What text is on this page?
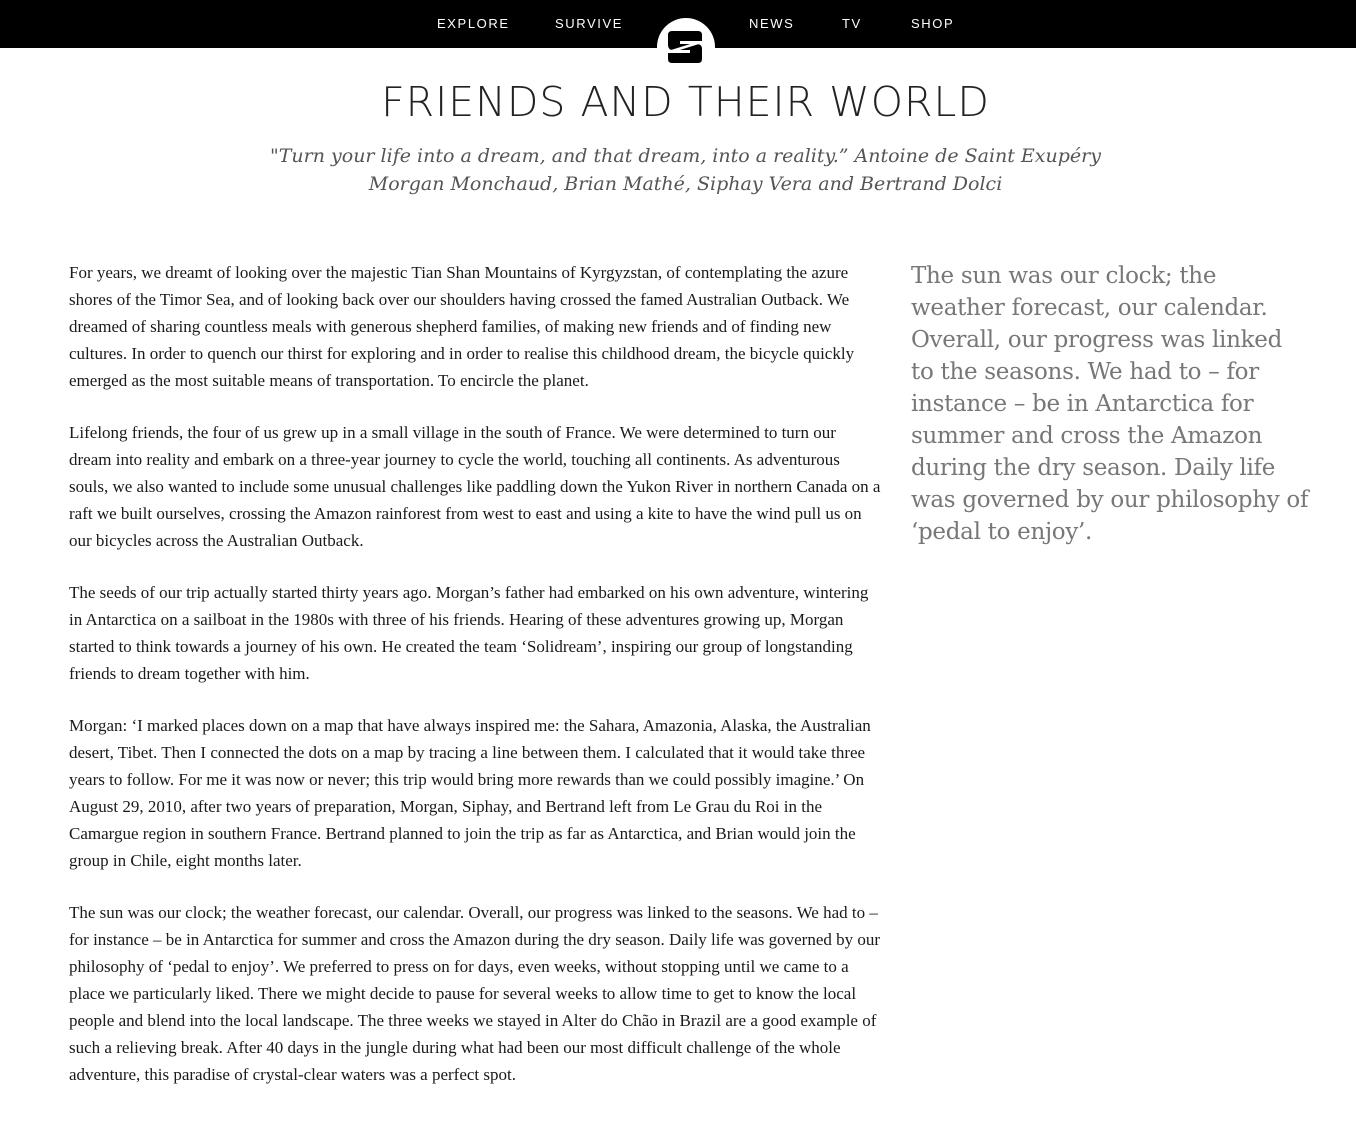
EXPLORE	SURVIVE	NEWS	TV	SHOP
FRIENDS AND THEIR WORLD
"Turn your life into a dream, and that dream, into a reality.” Antoine de Saint Exupéry
Morgan Monchaud, Brian Mathé, Siphay Vera and Bertrand Dolci

For years, we dreamt of looking over the majestic Tian Shan Mountains of Kyrgyzstan, of contemplating the azure shores of the Timor Sea, and of looking back over our shoulders having crossed the famed Australian Outback. We dreamed of sharing countless meals with generous shepherd families, of making new friends and of finding new cultures. In order to quench our thirst for exploring and in order to realise this childhood dream, the bicycle quickly emerged as the most suitable means of transportation. To encircle the planet.

Lifelong friends, the four of us grew up in a small village in the south of France. We were determined to turn our dream into reality and embark on a three-year journey to cycle the world, touching all continents. As adventurous souls, we also wanted to include some unusual challenges like paddling down the Yukon River in northern Canada on a raft we built ourselves, crossing the Amazon rainforest from west to east and using a kite to have the wind pull us on our bicycles across the Australian Outback.

The seeds of our trip actually started thirty years ago. Morgan’s father had embarked on his own adventure, wintering in Antarctica on a sailboat in the 1980s with three of his friends. Hearing of these adventures growing up, Morgan started to think towards a journey of his own. He created the team ‘Solidream’, inspiring our group of longstanding friends to dream together with him.

Morgan: ‘I marked places down on a map that have always inspired me: the Sahara, Amazonia, Alaska, the Australian desert, Tibet. Then I connected the dots on a map by tracing a line between them. I calculated that it would take three years to follow. For me it was now or never; this trip would bring more rewards than we could possibly imagine.’ On August 29, 2010, after two years of preparation, Morgan, Siphay, and Bertrand left from Le Grau du Roi in the Camargue region in southern France. Bertrand planned to join the trip as far as Antarctica, and Brian would join the group in Chile, eight months later.

The sun was our clock; the weather forecast, our calendar. Overall, our progress was linked to the seasons. We had to – for instance – be in Antarctica for summer and cross the Amazon during the dry season. Daily life was governed by our philosophy of ‘pedal to enjoy’. We preferred to press on for days, even weeks, without stopping until we came to a place we particularly liked. There we might decide to pause for several weeks to allow time to get to know the local people and blend into the local landscape. The three weeks we stayed in Alter do Chão in Brazil are a good example of such a relieving break. After 40 days in the jungle during what had been our most difficult challenge of the whole adventure, this paradise of crystal-clear waters was a perfect spot.

The sun was our clock; the weather forecast, our calendar. Overall, our progress was linked to the seasons. We had to – for instance – be in Antarctica for summer and cross the Amazon during the dry season. Daily life was governed by our philosophy of ‘pedal to enjoy’.
